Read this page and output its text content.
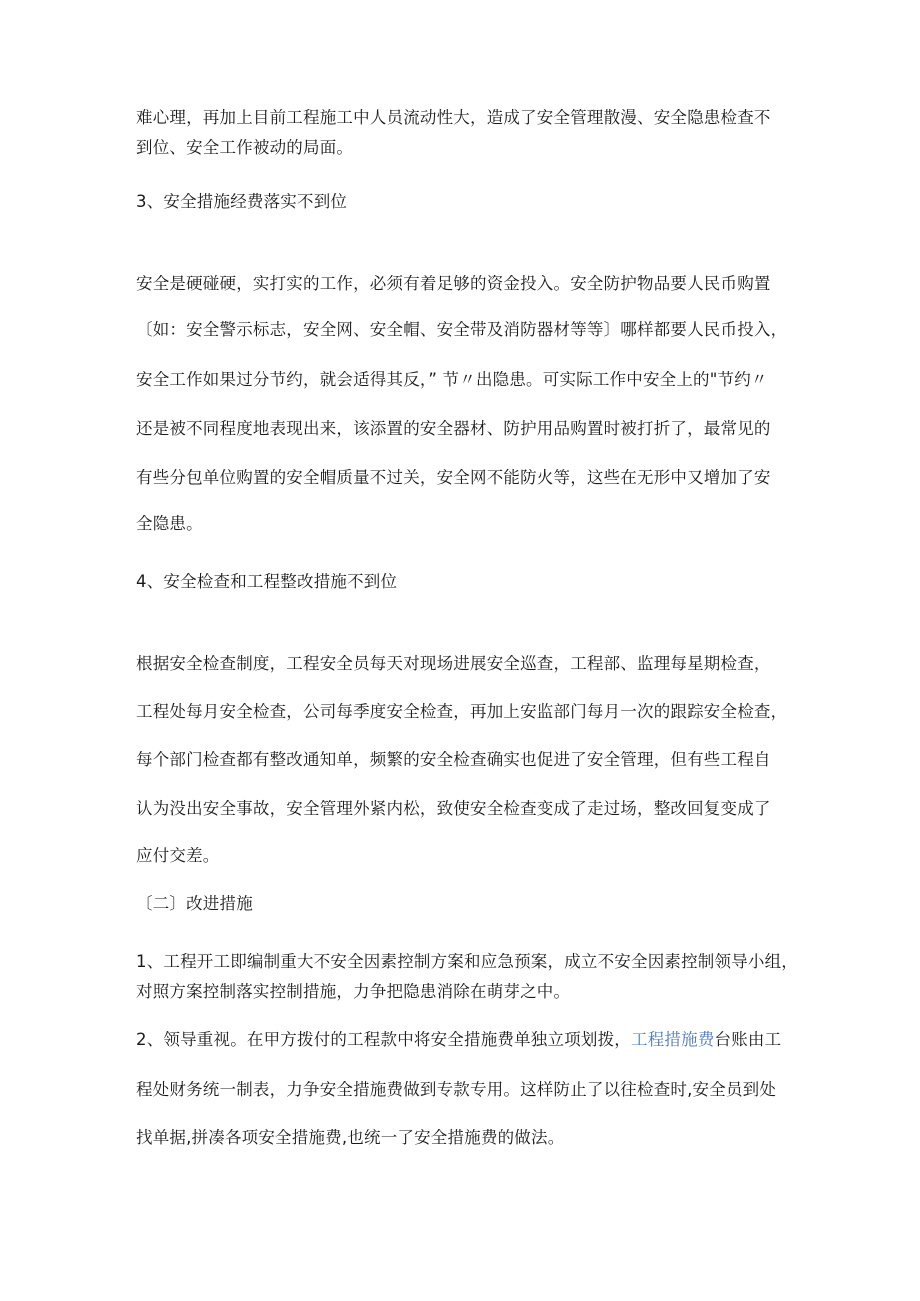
难心理，再加上目前工程施工中人员流动性大，造成了安全管理散漫、安全隐患检查不

到位、安全工作被动的局面。

3、安全措施经费落实不到位

安全是硬碰硬，实打实的工作，必须有着足够的资金投入。安全防护物品要人民币购置

〔如：安全警示标志，安全网、安全帽、安全带及消防器材等等〕哪样都要人民币投入，

安全工作如果过分节约，就会适得其反，” 节〃出隐患。可实际工作中安全上的"节约〃

还是被不同程度地表现出来，该添置的安全器材、防护用品购置时被打折了，最常见的

有些分包单位购置的安全帽质量不过关，安全网不能防火等，这些在无形中又增加了安

全隐患。

4、安全检查和工程整改措施不到位

根据安全检查制度，工程安全员每天对现场进展安全巡查，工程部、监理每星期检查，

工程处每月安全检查，公司每季度安全检查，再加上安监部门每月一次的跟踪安全检查，

每个部门检查都有整改通知单，频繁的安全检查确实也促进了安全管理，但有些工程自

认为没出安全事故，安全管理外紧内松，致使安全检查变成了走过场，整改回复变成了

应付交差。

〔二〕改进措施

1、工程开工即编制重大不安全因素控制方案和应急预案，成立不安全因素控制领导小组，

对照方案控制落实控制措施，力争把隐患消除在萌芽之中。

2、领导重视。在甲方拨付的工程款中将安全措施费单独立项划拨，工程措施费台账由工

程处财务统一制表，力争安全措施费做到专款专用。这样防止了以往检查时,安全员到处

找单据,拼凑各项安全措施费,也统一了安全措施费的做法。
